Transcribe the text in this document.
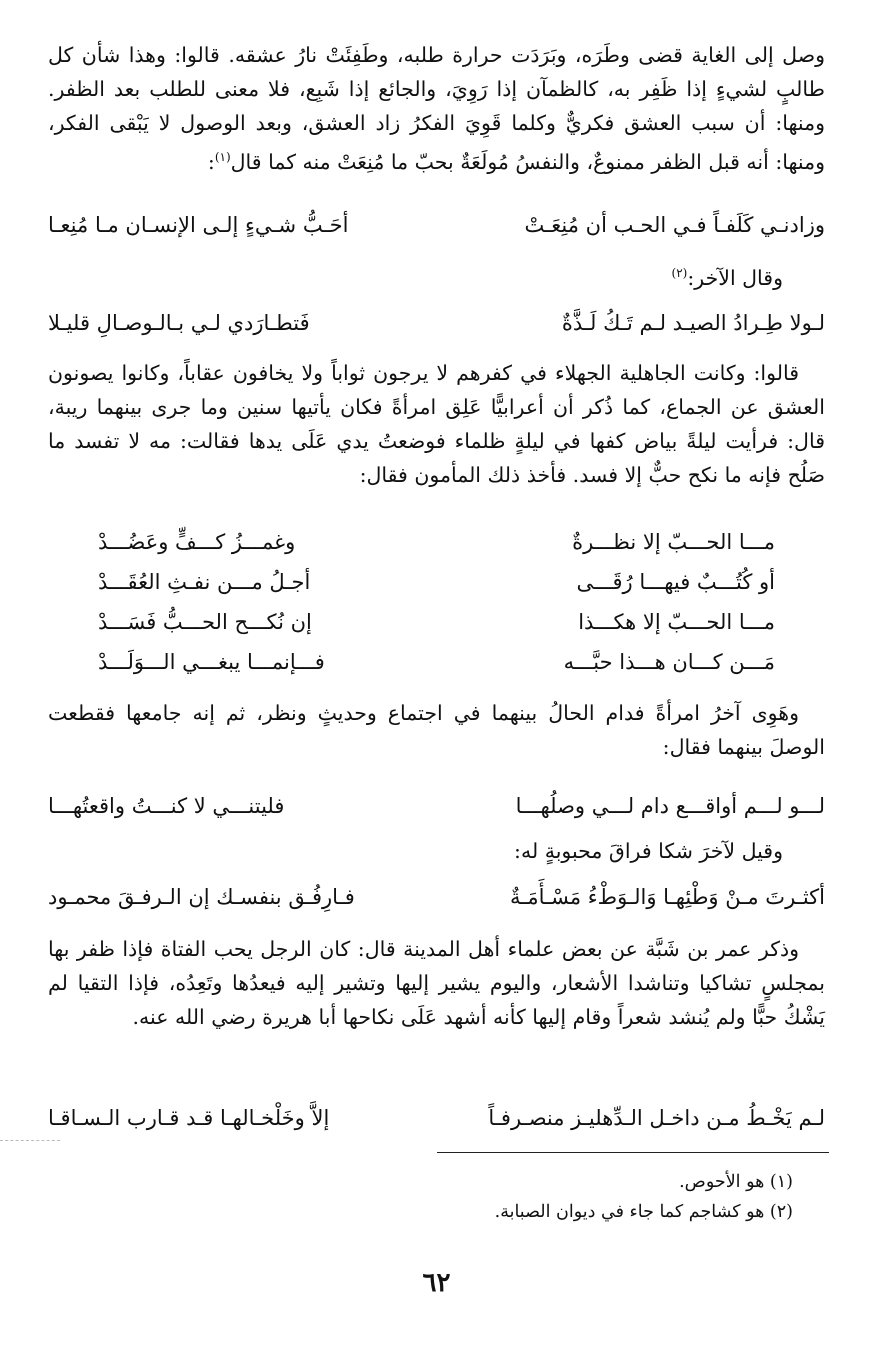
وصل إلى الغاية قضى وطَرَه، وبَرَدَت حرارة طلبه، وطَفِئَتْ نارُ عشقه. قالوا: وهذا شأن كل طالبٍ لشيءٍ إذا ظَفِر به، كالظمآن إذا رَوِيَ، والجائع إذا شَبِع، فلا معنى للطلب بعد الظفر. ومنها: أن سبب العشق فكريٌّ وكلما قَوِيَ الفكرُ زاد العشق، وبعد الوصول لا يَبْقى الفكر، ومنها: أنه قبل الظفر ممنوعٌ، والنفسُ مُولَعَةٌ بحبّ ما مُنِعَتْ منه كما قال$^{(١)}$:

وزادنـي كَلَفـاً فـي الحـب أن مُنِعَـتْ
أحَـبُّ شـيءٍ إلـى الإنسـان مـا مُنِعـا

وقال الآخر:$^{(٢)}$

لـولا طِـرادُ الصيـد لـم تَـكُ لَـذَّةٌ
فَتطـارَدي لـي بـالـوصـالِ قليـلا

قالوا: وكانت الجاهلية الجهلاء في كفرهم لا يرجون ثواباً ولا يخافون عقاباً، وكانوا يصونون العشق عن الجماع، كما ذُكر أن أعرابيًّا عَلِق امرأةً فكان يأتيها سنين وما جرى بينهما ريبة، قال: فرأيت ليلةً بياض كفها في ليلةٍ ظلماء فوضعتُ يدي عَلَى يدها فقالت: مه لا تفسد ما صَلُح فإنه ما نكح حبٌّ إلا فسد. فأخذ ذلك المأمون فقال:

مـــا الحـــبّ إلا نظـــرةٌ
وغمـــزُ كـــفٍّ وعَضُـــدْ
أو كُتُـــبٌ فيهـــا رُقَـــى
أجـلُ مـــن نفـثِ العُقَـــدْ
مـــا الحـــبّ إلا هكـــذا
إن نُكـــح الحـــبُّ فَسَـــدْ
مَـــن كـــان هـــذا حبَّـــه
فـــإنمـــا يبغـــي الـــوَلَـــدْ

وهَوِى آخرُ امرأةً فدام الحالُ بينهما في اجتماع وحديثٍ ونظر، ثم إنه جامعها فقطعت الوصلَ بينهما فقال:

لـــو لـــم أواقـــع دام لـــي وصلُهـــا
فليتنـــي لا كنـــتُ واقعتُهـــا

وقيل لآخرَ شكا فراقَ محبوبةٍ له:

أكثـرتَ مـنْ وَطْئِهـا وَالـوَطْءُ مَسْـأَمَـةٌ
فـارِفُـق بنفسـك إن الـرفـقَ محمـود

وذكر عمر بن شَبَّة عن بعض علماء أهل المدينة قال: كان الرجل يحب الفتاة فإذا ظفر بها بمجلسٍ تشاكيا وتناشدا الأشعار، واليوم يشير إليها وتشير إليه فيعدُها وتَعِدُه، فإذا التقيا لم يَشْكُ حبًّا ولم يُنشد شعراً وقام إليها كأنه أشهد عَلَى نكاحها أبا هريرة رضي الله عنه.

لـم يَخْـطُ مـن داخـل الـدِّهليـز منصـرفـاً
إلاَّ وخَلْخـالهـا قـد قـارب الـسـاقـا

(١) هو الأحوص.

(٢) هو كشاجم كما جاء في ديوان الصبابة.

٦٢
